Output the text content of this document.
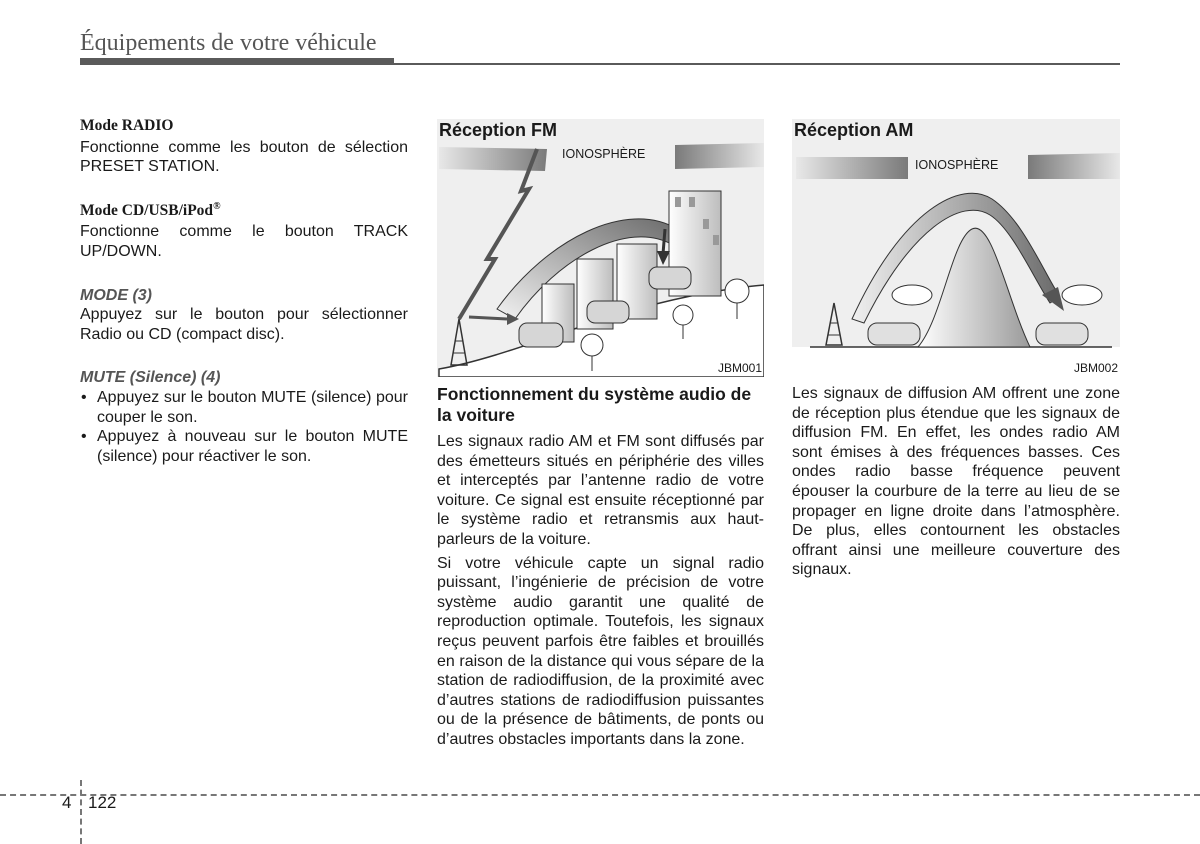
Équipements de votre véhicule
Mode RADIO

Fonctionne comme les bouton de sélection PRESET STATION.

Mode CD/USB/iPod®

Fonctionne comme le bouton TRACK UP/DOWN.

MODE (3)

Appuyez sur le bouton pour sélectionner Radio ou CD (compact disc).

MUTE (Silence) (4)

• Appuyez sur le bouton MUTE (silence) pour couper le son.
• Appuyez à nouveau sur le bouton MUTE (silence) pour réactiver le son.
Réception FM
IONOSPHÈRE
JBM001
Réception AM
IONOSPHÈRE
JBM002
Fonctionnement du système audio de la voiture

Les signaux radio AM et FM sont diffusés par des émetteurs situés en périphérie des villes et interceptés par l’antenne radio de votre voiture. Ce signal est ensuite réceptionné par le système radio et retransmis aux haut-parleurs de la voiture.

Si votre véhicule capte un signal radio puissant, l’ingénierie de précision de votre système audio garantit une qualité de reproduction optimale. Toutefois, les signaux reçus peuvent parfois être faibles et brouillés en raison de la distance qui vous sépare de la station de radiodiffusion, de la proximité avec d’autres stations de radiodiffusion puissantes ou de la présence de bâtiments, de ponts ou d’autres obstacles importants dans la zone.

Les signaux de diffusion AM offrent une zone de réception plus étendue que les signaux de diffusion FM. En effet, les ondes radio AM sont émises à des fréquences basses. Ces ondes radio basse fréquence peuvent épouser la courbure de la terre au lieu de se propager en ligne droite dans l’atmosphère. De plus, elles contournent les obstacles offrant ainsi une meilleure couverture des signaux.

4 122
